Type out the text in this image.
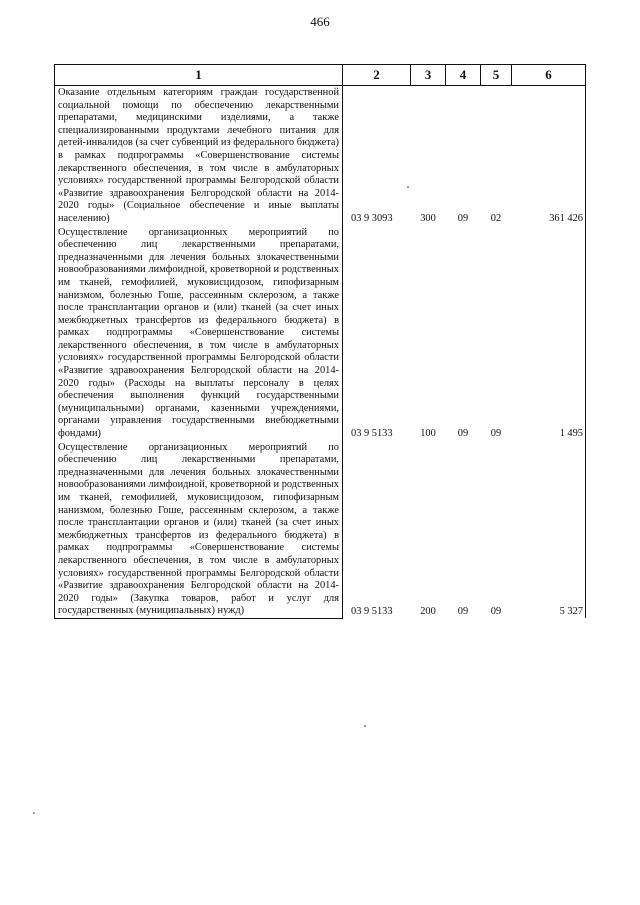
466
1	2	3	4	5	6
Оказание отдельным категориям граждан государственной социальной помощи по обеспечению лекарственными препаратами, медицинскими изделиями, а также специализированными продуктами лечебного питания для детей-инвалидов (за счет субвенций из федерального бюджета) в рамках подпрограммы «Совершенствование системы лекарственного обеспечения, в том числе в амбулаторных условиях» государственной программы Белгородской области «Развитие здравоохранения Белгородской области на 2014-2020 годы» (Социальное обеспечение и иные выплаты населению)	03 9 3093	300	09	02	361 426
Осуществление организационных мероприятий по обеспечению лиц лекарственными препаратами, предназначенными для лечения больных злокачественными новообразованиями лимфоидной, кроветворной и родственных им тканей, гемофилией, муковисцидозом, гипофизарным нанизмом, болезнью Гоше, рассеянным склерозом, а также после трансплантации органов и (или) тканей (за счет иных межбюджетных трансфертов из федерального бюджета) в рамках подпрограммы «Совершенствование системы лекарственного обеспечения, в том числе в амбулаторных условиях» государственной программы Белгородской области «Развитие здравоохранения Белгородской области на 2014-2020 годы» (Расходы на выплаты персоналу в целях обеспечения выполнения функций государственными (муниципальными) органами, казенными учреждениями, органами управления государственными внебюджетными фондами)	03 9 5133	100	09	09	1 495
Осуществление организационных мероприятий по обеспечению лиц лекарственными препаратами, предназначенными для лечения больных злокачественными новообразованиями лимфоидной, кроветворной и родственных им тканей, гемофилией, муковисцидозом, гипофизарным нанизмом, болезнью Гоше, рассеянным склерозом, а также после трансплантации органов и (или) тканей (за счет иных межбюджетных трансфертов из федерального бюджета) в рамках подпрограммы «Совершенствование системы лекарственного обеспечения, в том числе в амбулаторных условиях» государственной программы Белгородской области «Развитие здравоохранения Белгородской области на 2014-2020 годы» (Закупка товаров, работ и услуг для государственных (муниципальных) нужд)	03 9 5133	200	09	09	5 327
